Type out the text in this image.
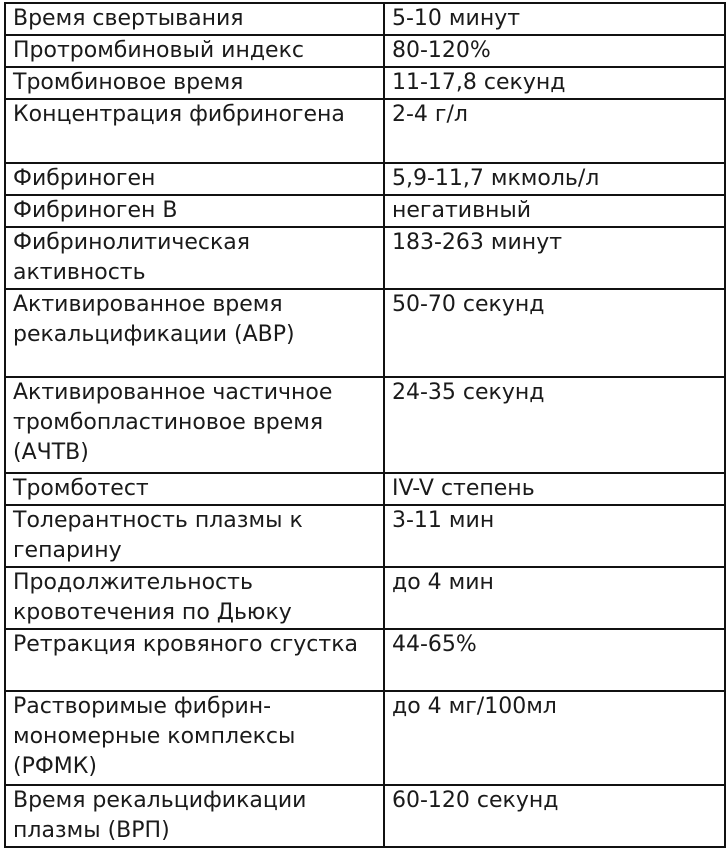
Время свертывания	5-10 минут
Протромбиновый индекс	80-120%
Тромбиновое время	11-17,8 секунд
Концентрация фибриногена	2-4 г/л
Фибриноген	5,9-11,7 мкмоль/л
Фибриноген В	негативный
Фибринолитическая активность	183-263 минут
Активированное время рекальцификации (АВР)	50-70 секунд
Активированное частичное тромбопластиновое время (АЧТВ)	24-35 секунд
Тромботест	IV-V степень
Толерантность плазмы к гепарину	3-11 мин
Продолжительность кровотечения по Дьюку	до 4 мин
Ретракция кровяного сгустка	44-65%
Растворимые фибрин-мономерные комплексы (РФМК)	до 4 мг/100мл
Время рекальцификации плазмы (ВРП)	60-120 секунд
